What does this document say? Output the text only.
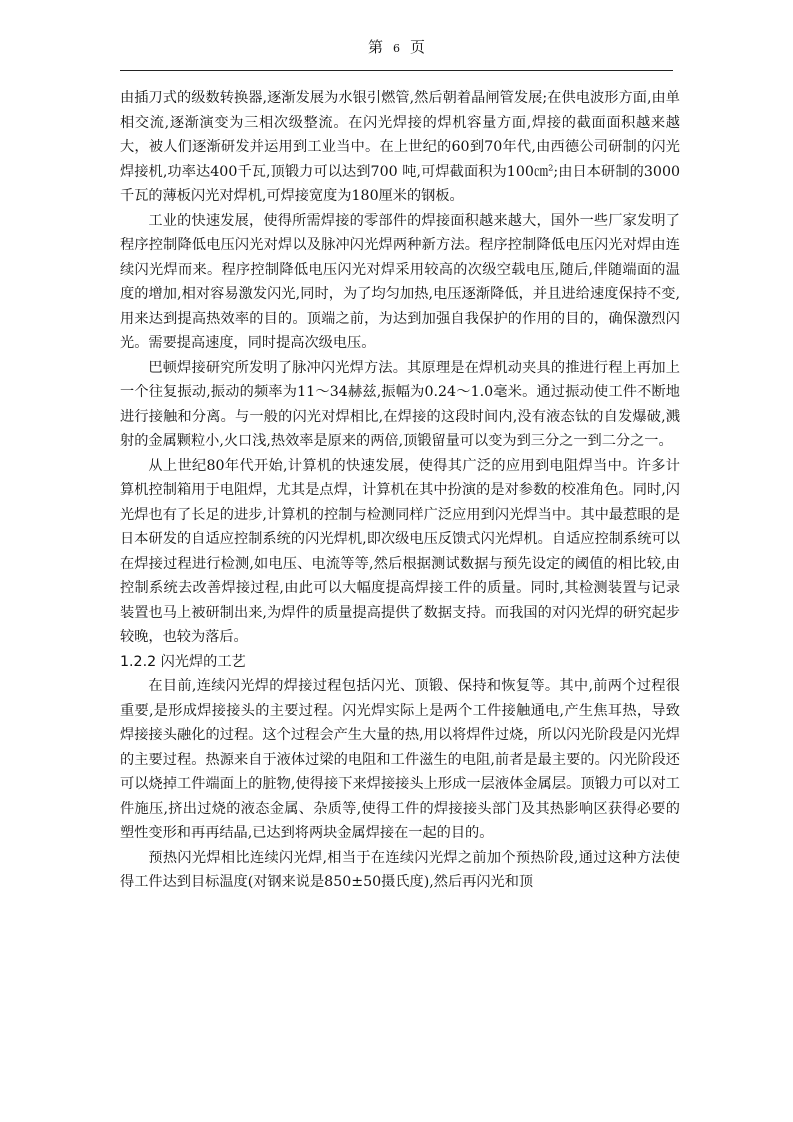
第 6 页

由插刀式的级数转换器,逐渐发展为水银引燃管,然后朝着晶闸管发展;在供电波形方面,由单相交流,逐渐演变为三相次级整流。在闪光焊接的焊机容量方面,焊接的截面面积越来越大，被人们逐渐研发并运用到工业当中。在上世纪的60到70年代,由西德公司研制的闪光焊接机,功率达400千瓦,顶锻力可以达到700 吨,可焊截面积为100㎝$^2$;由日本研制的3000千瓦的薄板闪光对焊机,可焊接宽度为180厘米的钢板。

工业的快速发展，使得所需焊接的零部件的焊接面积越来越大，国外一些厂家发明了程序控制降低电压闪光对焊以及脉冲闪光焊两种新方法。程序控制降低电压闪光对焊由连续闪光焊而来。程序控制降低电压闪光对焊采用较高的次级空载电压,随后,伴随端面的温度的增加,相对容易激发闪光,同时，为了均匀加热,电压逐渐降低，并且进给速度保持不变,用来达到提高热效率的目的。顶端之前，为达到加强自我保护的作用的目的，确保激烈闪光。需要提高速度，同时提高次级电压。

巴顿焊接研究所发明了脉冲闪光焊方法。其原理是在焊机动夹具的推进行程上再加上一个往复振动,振动的频率为11～34赫兹,振幅为0.24～1.0毫米。通过振动使工件不断地进行接触和分离。与一般的闪光对焊相比,在焊接的这段时间内,没有液态钛的自发爆破,溅射的金属颗粒小,火口浅,热效率是原来的两倍,顶锻留量可以变为到三分之一到二分之一。

从上世纪80年代开始,计算机的快速发展，使得其广泛的应用到电阻焊当中。许多计算机控制箱用于电阻焊，尤其是点焊，计算机在其中扮演的是对参数的校准角色。同时,闪光焊也有了长足的进步,计算机的控制与检测同样广泛应用到闪光焊当中。其中最惹眼的是日本研发的自适应控制系统的闪光焊机,即次级电压反馈式闪光焊机。自适应控制系统可以在焊接过程进行检测,如电压、电流等等,然后根据测试数据与预先设定的阈值的相比较,由控制系统去改善焊接过程,由此可以大幅度提高焊接工件的质量。同时,其检测装置与记录装置也马上被研制出来,为焊件的质量提高提供了数据支持。而我国的对闪光焊的研究起步较晚，也较为落后。

1.2.2 闪光焊的工艺

在目前,连续闪光焊的焊接过程包括闪光、顶锻、保持和恢复等。其中,前两个过程很重要,是形成焊接接头的主要过程。闪光焊实际上是两个工件接触通电,产生焦耳热，导致焊接接头融化的过程。这个过程会产生大量的热,用以将焊件过烧，所以闪光阶段是闪光焊的主要过程。热源来自于液体过梁的电阻和工件滋生的电阻,前者是最主要的。闪光阶段还可以烧掉工件端面上的脏物,使得接下来焊接接头上形成一层液体金属层。顶锻力可以对工件施压,挤出过烧的液态金属、杂质等,使得工件的焊接接头部门及其热影响区获得必要的塑性变形和再再结晶,已达到将两块金属焊接在一起的目的。

预热闪光焊相比连续闪光焊,相当于在连续闪光焊之前加个预热阶段,通过这种方法使得工件达到目标温度(对钢来说是850±50摄氏度),然后再闪光和顶
